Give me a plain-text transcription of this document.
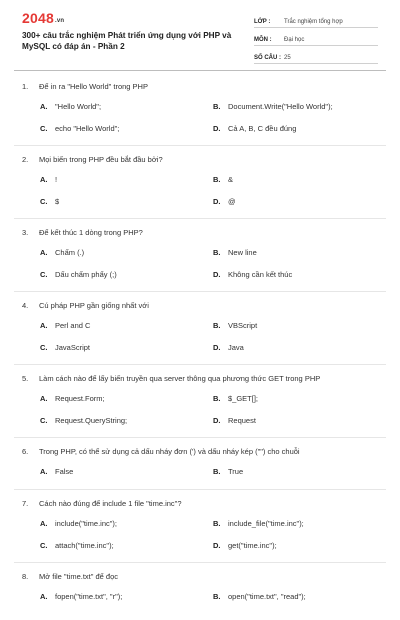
2048.vn
300+ câu trắc nghiệm Phát triển ứng dụng với PHP và MySQL có đáp án - Phần 2
LỚP :	Trắc nghiệm tổng hợp
MÔN :	Đại học
SỐ CÂU : 25
1. Để in ra "Hello World" trong PHP
A. "Hello World";	B. Document.Write("Hello World");
C. echo "Hello World";	D. Cả A, B, C đều đúng
2. Mọi biến trong PHP đều bắt đầu bởi?
A. !	B. &
C. $	D. @
3. Để kết thúc 1 dòng trong PHP?
A. Chấm (.)	B. New line
C. Dấu chấm phẩy (;)	D. Không cần kết thúc
4. Cú pháp PHP gần giống nhất với
A. Perl and C	B. VBScript
C. JavaScript	D. Java
5. Làm cách nào để lấy biến truyền qua server thông qua phương thức GET trong PHP
A. Request.Form;	B. $_GET[];
C. Request.QueryString;	D. Request
6. Trong PHP, có thể sử dụng cả dấu nháy đơn (') và dấu nháy kép ("") cho chuỗi
A. False	B. True
7. Cách nào đúng để include 1 file "time.inc"?
A. include("time.inc");	B. include_file("time.inc");
C. attach("time.inc");	D. get("time.inc");
8. Mở file "time.txt" để đọc
A. fopen("time.txt", "r");	B. open("time.txt", "read");
